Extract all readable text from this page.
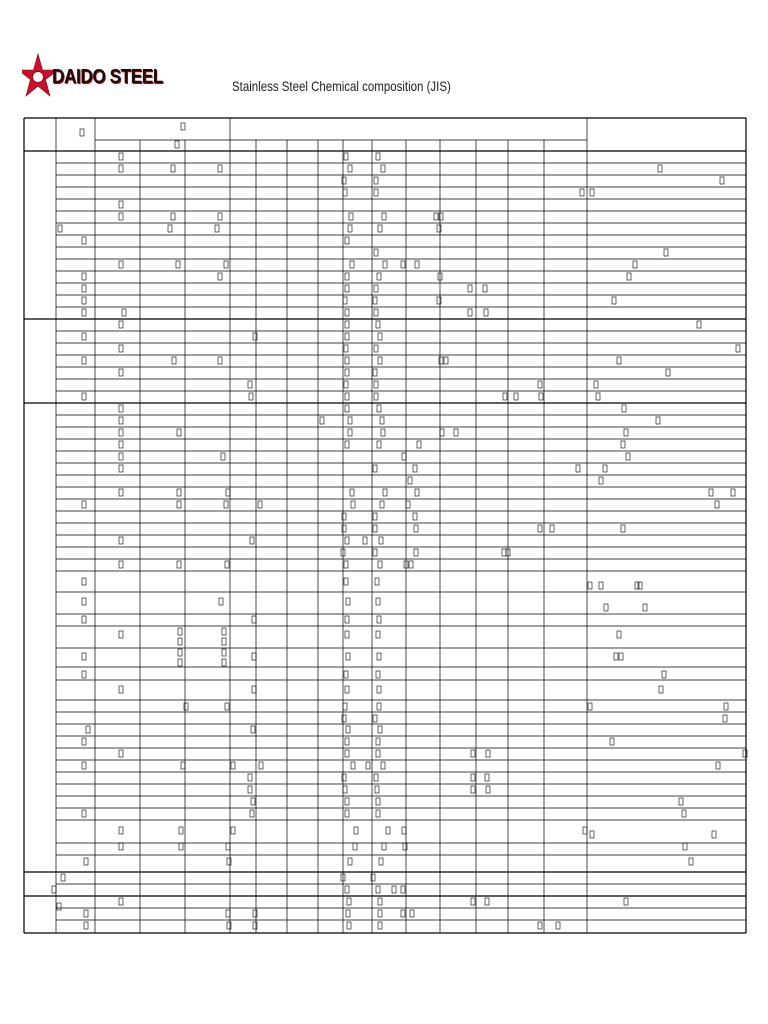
DAIDO STEEL	Stainless Steel Chemical composition (JIS)
